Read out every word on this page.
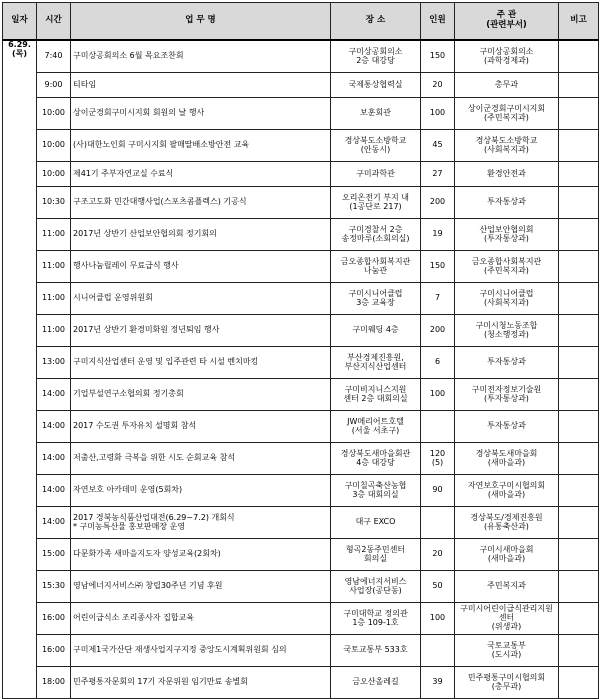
일자	시간	업 무 명	장 소	인원	주 관
(관련부서)	비고

6.29.
(목)	7:40	구미상공회의소 6월 목요조찬회	구미상공회의소
2층 대강당	150	구미상공회의소
(과학경제과)	

	9:00	티타임	국제통상협력실	20	총무과	

	10:00	상이군경회구미시지회 회원의 날 행사	보훈회관	100	상이군경회구미시지회
(주민복지과)	

	10:00	(사)대한노인회 구미시지회 팔매딸배소방안전 교육	경상북도소방학교
(안동시)	45	경상북도소방학교
(사회복지과)	

	10:00	제41기 주부자연교실 수료식	구미과학관	27	환경안전과	

	10:30	구조고도화 민간대행사업(스포츠콤플렉스) 기공식	오리온전기 부지 내
(1공단로 217)	200	투자통상과	

	11:00	2017년 상반기 산업보안협의회 정기회의	구미경찰서 2층
송정마루(소회의실)	19	산업보안협의회
(투자통상과)	

	11:00	행사나눔릴레이 무료급식 행사	금오종합사회복지관
나눔관	150	금오종합사회복지관
(주민복지과)	

	11:00	시니어클럽 운영위원회	구미시니어클럽
3층 교육장	7	구미시니어클럽
(사회복지과)	

	11:00	2017년 상반기 환경미화원 정년퇴임 행사	구미웨딩 4층	200	구미시청노동조합
(청소행정과)	

	13:00	구미지식산업센터 운영 및 입주관련 타 시설 벤치마킹	부산경제진흥원,
부산지식산업센터	6	투자통상과	

	14:00	기업부설연구소협의회 정기총회	구미비지니스지원
센터 2층 대회의실	100	구미전자정보기술원
(투자통상과)	

	14:00	2017 수도권 투자유치 설명회 참석	JW메리어트호텔
(서울 서초구)		투자통상과	

	14:00	저출산,고령화 극복을 위한 시도 순회교육 참석	경상북도새마을회관
4층 대강당	120
(5)	경상북도새마을회
(새마을과)	

	14:00	자연보호 아카데미 운영(5회차)	구미칠곡축산농협
3층 대회의실	90	자연보호구미시협의회
(새마을과)	

	14:00	2017 경북농식품산업대전(6.29~7.2) 개회식
* 구미농특산물 홍보판매장 운영	대구 EXCO		경상북도/경제진흥원
(유통축산과)	

	15:00	다문화가족 새마을지도자 양성교육(2회차)	형곡2동주민센터
회의실	20	구미시새마을회
(새마을과)	

	15:30	영남에너지서비스㈜ 창립30주년 기념 후원	영남에너지서비스
사업장(공단동)	50	주민복지과	

	16:00	어린이급식소 조리종사자 집합교육	구미대학교 정의관
1층 109-1호	100	구미시어린이급식관리지원센터
(위생과)	

	16:00	구미제1국가산단 재생사업지구지정 중앙도시계획위원회 심의	국토교통부 533호		국토교통부
(도시과)	

	18:00	민주평통자문회의 17기 자문위원 임기만료 송별회	금오산올레길	39	민주평통구미시협의회
(총무과)	
